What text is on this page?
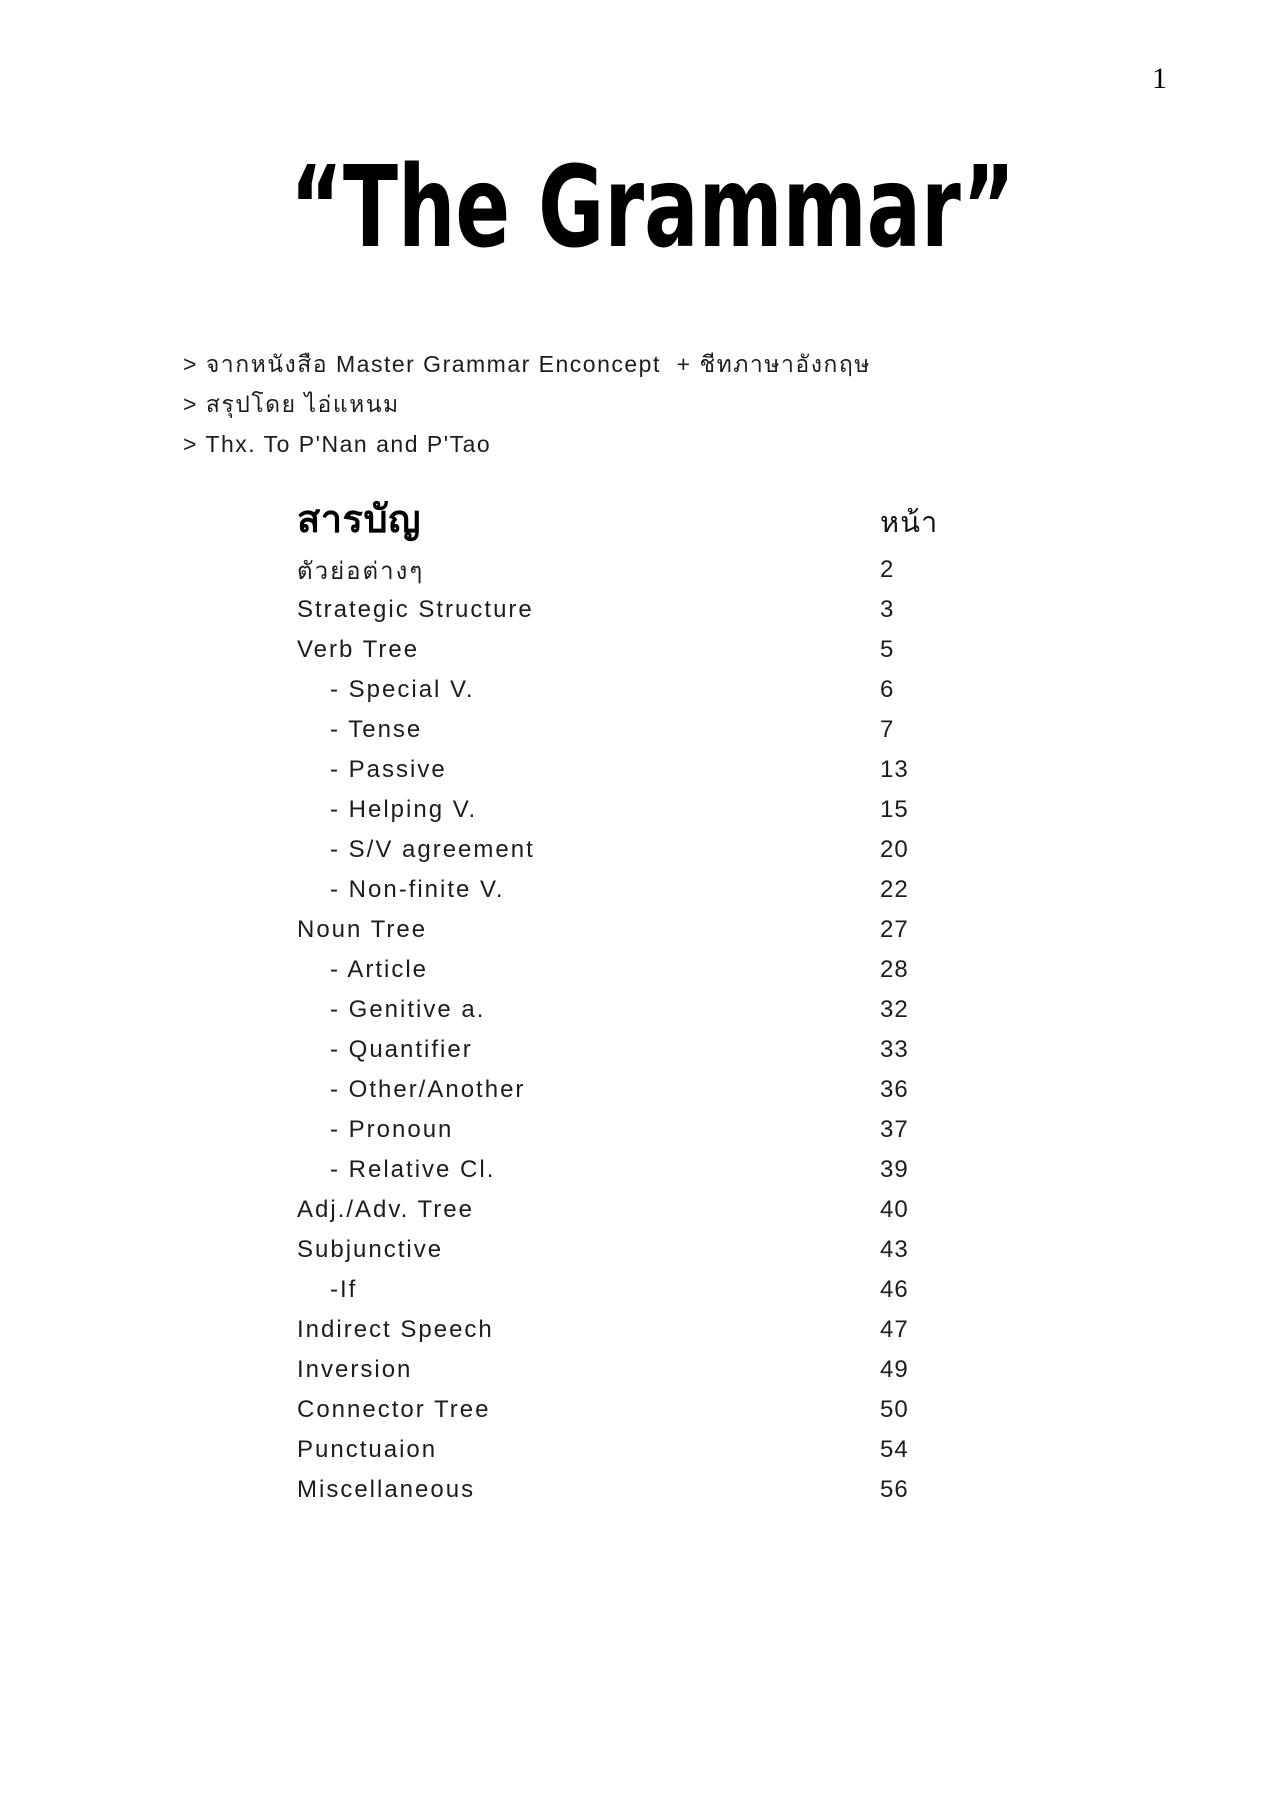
1
“The Grammar”
> จากหนังสือ Master Grammar Enconcept  + ชีทภาษาอังกฤษ
> สรุปโดย ไอ่แหนม
> Thx. To P'Nan and P'Tao
สารบัญ	หน้า
ตัวย่อต่างๆ	2
Strategic Structure	3
Verb Tree	5
- Special V.	6
- Tense	7
- Passive	13
- Helping V.	15
- S/V agreement	20
- Non-finite V.	22
Noun Tree	27
- Article	28
- Genitive a.	32
- Quantifier	33
- Other/Another	36
- Pronoun	37
- Relative Cl.	39
Adj./Adv. Tree	40
Subjunctive	43
-If	46
Indirect Speech	47
Inversion	49
Connector Tree	50
Punctuaion	54
Miscellaneous	56
